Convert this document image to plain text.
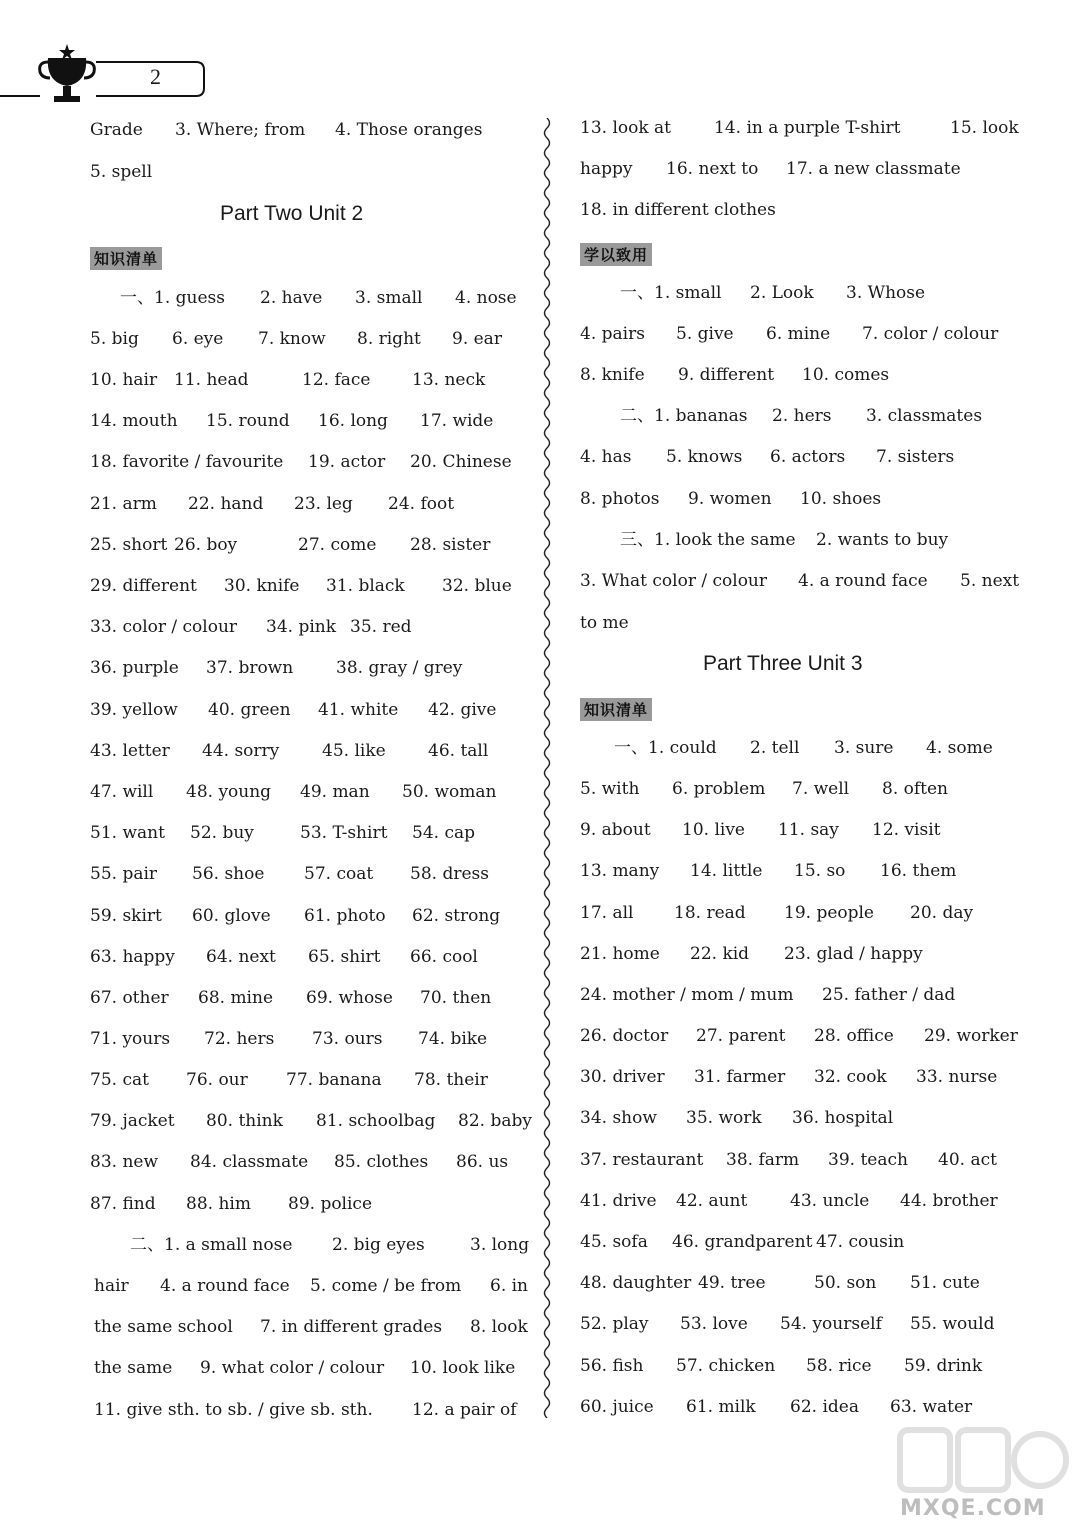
2
Grade 3. Where; from 4. Those oranges
5. spell
一、1. guess 2. have 3. small 4. nose
5. big 6. eye 7. know 8. right 9. ear
10. hair 11. head	12. face 13. neck
14. mouth 15. round 16. long 17. wide
18. favorite / favourite 19. actor 20. Chinese
21. arm 22. hand 23. leg 24. foot
25. short 26. boy	27. come 28. sister
29. different 30. knife 31. black 32. blue
33. color / colour 34. pink 35. red
36. purple 37. brown	38. gray / grey
39. yellow 40. green 41. white 42. give
43. letter 44. sorry	45. like 46. tall
47. will 48. young 49. man 50. woman
51. want 52. buy	53. T-shirt 54. cap
55. pair 56. shoe 57. coat 58. dress
59. skirt 60. glove 61. photo 62. strong
63. happy 64. next 65. shirt 66. cool
67. other 68. mine 69. whose 70. then
71. yours 72. hers 73. ours 74. bike
75. cat 76. our 77. banana 78. their
79. jacket 80. think 81. schoolbag 82. baby
83. new 84. classmate 85. clothes 86. us
87. find 88. him 89. police
二、1. a small nose 2. big eyes	3. long
hair 4. a round face 5. come / be from 6. in
the same school 7. in different grades 8. look
the same 9. what color / colour 10. look like
11. give sth. to sb. / give sb. sth. 12. a pair of
Part Two Unit 2
知识清单
13. look at	14. in a purple T-shirt	15. look
happy 16. next to 17. a new classmate
18. in different clothes
一、1. small 2. Look 3. Whose
4. pairs 5. give 6. mine 7. color / colour
8. knife 9. different 10. comes
二、1. bananas 2. hers 3. classmates
4. has 5. knows 6. actors 7. sisters
8. photos 9. women 10. shoes
三、1. look the same 2. wants to buy
3. What color / colour 4. a round face 5. next
to me
一、1. could 2. tell 3. sure 4. some
5. with 6. problem 7. well 8. often
9. about 10. live 11. say 12. visit
13. many 14. little 15. so 16. them
17. all 18. read 19. people 20. day
21. home 22. kid 23. glad / happy
24. mother / mom / mum 25. father / dad
26. doctor 27. parent 28. office 29. worker
30. driver 31. farmer 32. cook 33. nurse
34. show 35. work 36. hospital
37. restaurant 38. farm 39. teach 40. act
41. drive 42. aunt	43. uncle 44. brother
45. sofa 46. grandparent 47. cousin
48. daughter 49. tree	50. son 51. cute
52. play 53. love 54. yourself 55. would
56. fish 57. chicken 58. rice 59. drink
60. juice 61. milk 62. idea 63. water
学以致用
Part Three Unit 3
知识清单
MXQE.COM
